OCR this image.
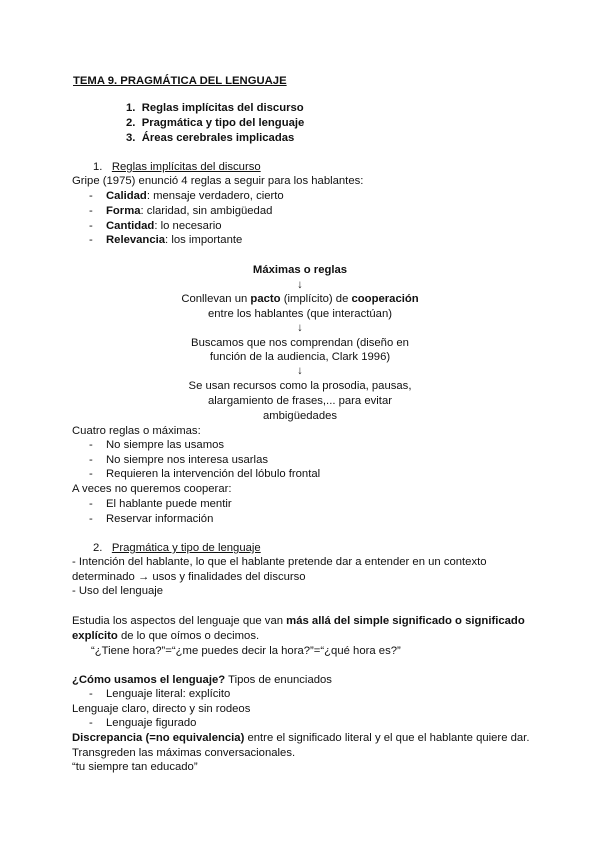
TEMA 9. PRAGMÁTICA DEL LENGUAJE
1.  Reglas implícitas del discurso
2.  Pragmática y tipo del lenguaje
3.  Áreas cerebrales implicadas
1.   Reglas implícitas del discurso
Gripe (1975) enunció 4 reglas a seguir para los hablantes:
- Calidad: mensaje verdadero, cierto
- Forma: claridad, sin ambigüedad
- Cantidad: lo necesario
- Relevancia: los importante
Máximas o reglas
↓
Conllevan un pacto (implícito) de cooperación
entre los hablantes (que interactúan)
↓
Buscamos que nos comprendan (diseño en
función de la audiencia, Clark 1996)
↓
Se usan recursos como la prosodia, pausas,
alargamiento de frases,... para evitar
ambigüedades
Cuatro reglas o máximas:
- No siempre las usamos
- No siempre nos interesa usarlas
- Requieren la intervención del lóbulo frontal
A veces no queremos cooperar:
- El hablante puede mentir
- Reservar información
2.   Pragmática y tipo de lenguaje
- Intención del hablante, lo que el hablante pretende dar a entender en un contexto
determinado → usos y finalidades del discurso
- Uso del lenguaje
Estudia los aspectos del lenguaje que van más allá del simple significado o significado
explícito de lo que oímos o decimos.
“¿Tiene hora?”=“¿me puedes decir la hora?”=“¿qué hora es?”
¿Cómo usamos el lenguaje? Tipos de enunciados
- Lenguaje literal: explícito
Lenguaje claro, directo y sin rodeos
- Lenguaje figurado
Discrepancia (=no equivalencia) entre el significado literal y el que el hablante quiere dar.
Transgreden las máximas conversacionales.
“tu siempre tan educado”
